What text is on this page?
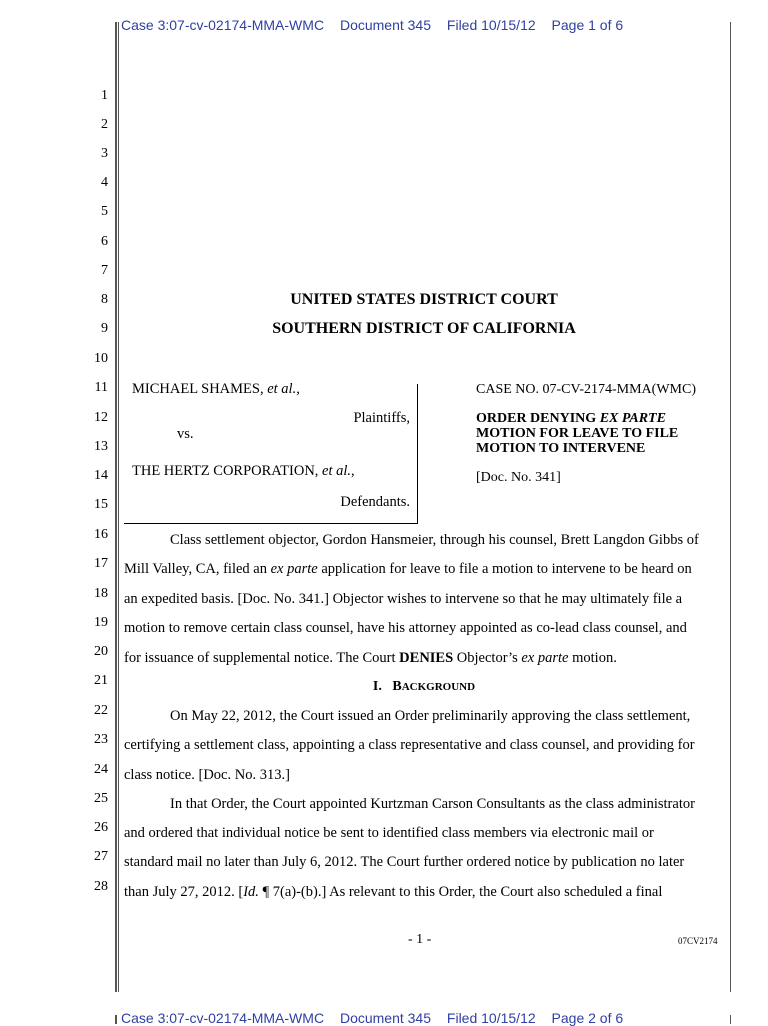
Case 3:07-cv-02174-MMA-WMC Document 345 Filed 10/15/12 Page 1 of 6
1
2
3
4
5
6
7
8
9
10
11
12
13
14
15
16
17
18
19
20
21
22
23
24
25
26
27
28
UNITED STATES DISTRICT COURT
SOUTHERN DISTRICT OF CALIFORNIA
MICHAEL SHAMES, et al.,
Plaintiffs,
vs.
THE HERTZ CORPORATION, et al.,
Defendants.
CASE NO. 07-CV-2174-MMA(WMC)
ORDER DENYING EX PARTE
MOTION FOR LEAVE TO FILE
MOTION TO INTERVENE
[Doc. No. 341]
Class settlement objector, Gordon Hansmeier, through his counsel, Brett Langdon Gibbs of
Mill Valley, CA, filed an ex parte application for leave to file a motion to intervene to be heard on
an expedited basis. [Doc. No. 341.] Objector wishes to intervene so that he may ultimately file a
motion to remove certain class counsel, have his attorney appointed as co-lead class counsel, and
for issuance of supplemental notice. The Court DENIES Objector’s ex parte motion.
I. BACKGROUND
On May 22, 2012, the Court issued an Order preliminarily approving the class settlement,
certifying a settlement class, appointing a class representative and class counsel, and providing for
class notice. [Doc. No. 313.]
In that Order, the Court appointed Kurtzman Carson Consultants as the class administrator
and ordered that individual notice be sent to identified class members via electronic mail or
standard mail no later than July 6, 2012. The Court further ordered notice by publication no later
than July 27, 2012. [Id. ¶ 7(a)-(b).] As relevant to this Order, the Court also scheduled a final
- 1 -	07CV2174
Case 3:07-cv-02174-MMA-WMC Document 345 Filed 10/15/12 Page 2 of 6
